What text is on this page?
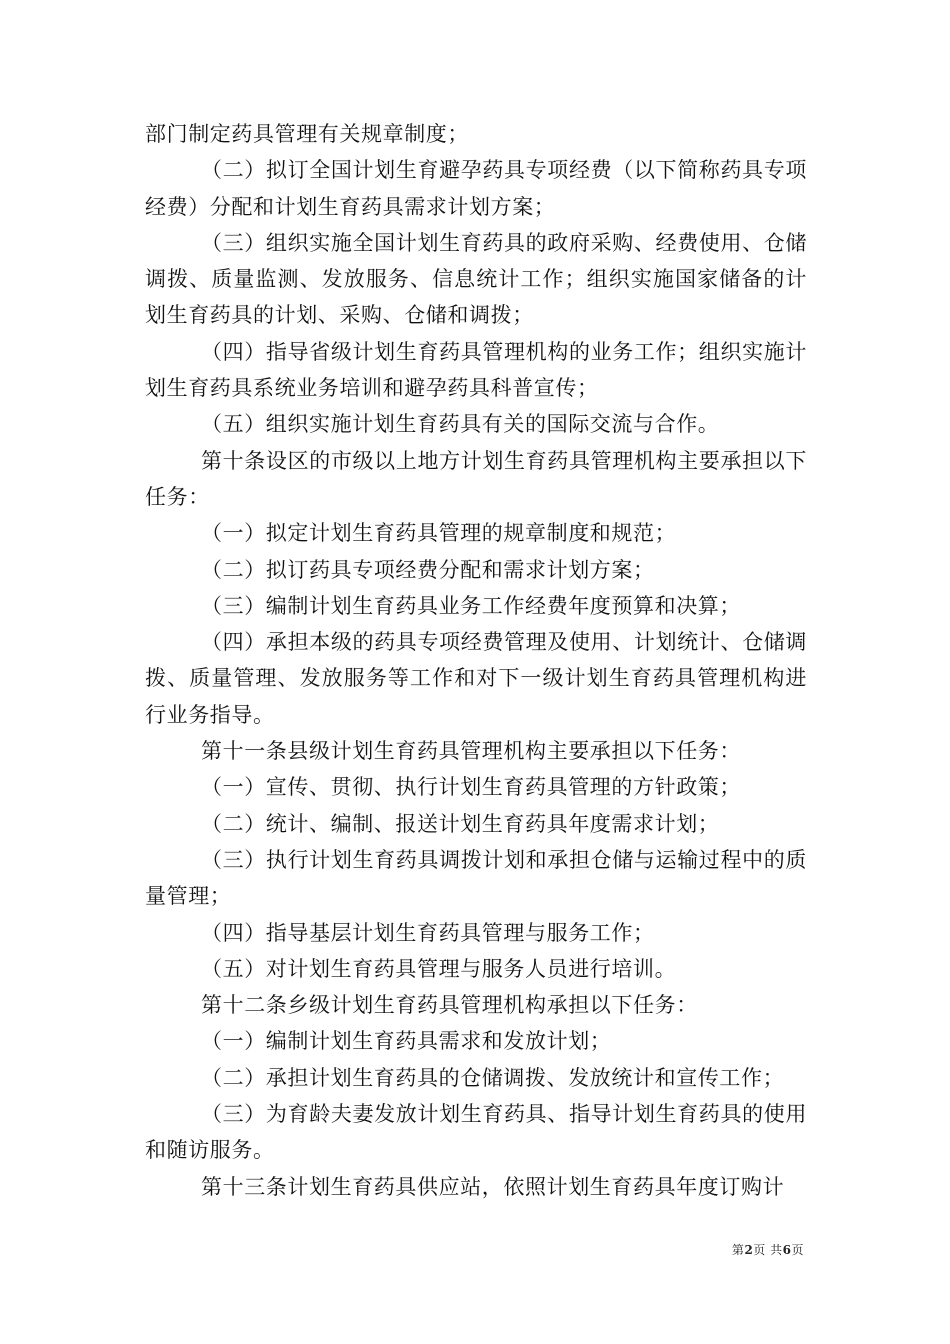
部门制定药具管理有关规章制度；

（二）拟订全国计划生育避孕药具专项经费（以下简称药具专项经费）分配和计划生育药具需求计划方案；

（三）组织实施全国计划生育药具的政府采购、经费使用、仓储调拨、质量监测、发放服务、信息统计工作；组织实施国家储备的计划生育药具的计划、采购、仓储和调拨；

（四）指导省级计划生育药具管理机构的业务工作；组织实施计划生育药具系统业务培训和避孕药具科普宣传；

（五）组织实施计划生育药具有关的国际交流与合作。

第十条设区的市级以上地方计划生育药具管理机构主要承担以下任务：

（一）拟定计划生育药具管理的规章制度和规范；

（二）拟订药具专项经费分配和需求计划方案；

（三）编制计划生育药具业务工作经费年度预算和决算；

（四）承担本级的药具专项经费管理及使用、计划统计、仓储调拨、质量管理、发放服务等工作和对下一级计划生育药具管理机构进行业务指导。

第十一条县级计划生育药具管理机构主要承担以下任务：

（一）宣传、贯彻、执行计划生育药具管理的方针政策；

（二）统计、编制、报送计划生育药具年度需求计划；

（三）执行计划生育药具调拨计划和承担仓储与运输过程中的质量管理；

（四）指导基层计划生育药具管理与服务工作；

（五）对计划生育药具管理与服务人员进行培训。

第十二条乡级计划生育药具管理机构承担以下任务：

（一）编制计划生育药具需求和发放计划；

（二）承担计划生育药具的仓储调拨、发放统计和宣传工作；

（三）为育龄夫妻发放计划生育药具、指导计划生育药具的使用和随访服务。

第十三条计划生育药具供应站，依照计划生育药具年度订购计

第2页 共6页
